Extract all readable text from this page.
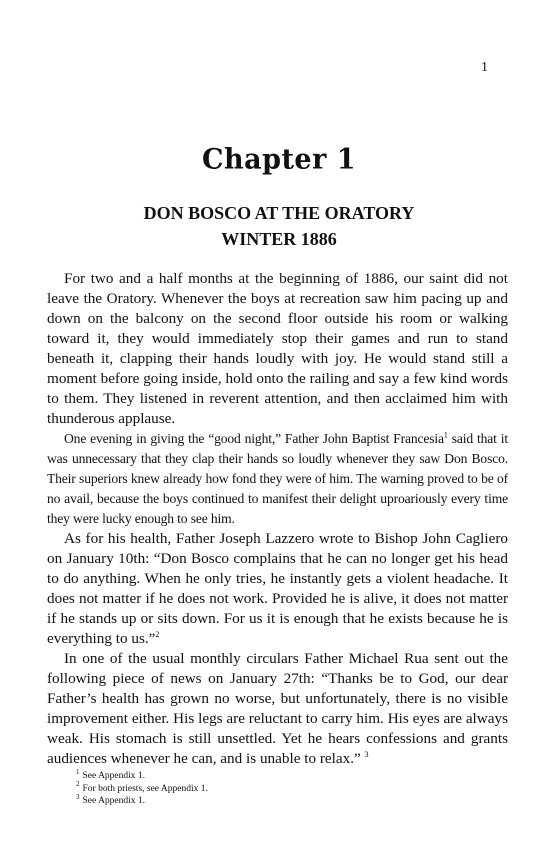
1
Chapter 1
DON BOSCO AT THE ORATORY
WINTER 1886

For two and a half months at the beginning of 1886, our saint did not leave the Oratory. Whenever the boys at recreation saw him pacing up and down on the balcony on the second floor outside his room or walking toward it, they would immediately stop their games and run to stand beneath it, clapping their hands loudly with joy. He would stand still a moment before going inside, hold onto the railing and say a few kind words to them. They listened in reverent attention, and then acclaimed him with thunderous applause.

One evening in giving the “good night,” Father John Baptist Francesia$^1$ said that it was unnecessary that they clap their hands so loudly whenever they saw Don Bosco. Their superiors knew already how fond they were of him. The warning proved to be of no avail, because the boys continued to manifest their delight uproariously every time they were lucky enough to see him.

As for his health, Father Joseph Lazzero wrote to Bishop John Cagliero on January 10th: “Don Bosco complains that he can no longer get his head to do anything. When he only tries, he instantly gets a violent headache. It does not matter if he does not work. Provided he is alive, it does not matter if he stands up or sits down. For us it is enough that he exists because he is everything to us.”$^2$

In one of the usual monthly circulars Father Michael Rua sent out the following piece of news on January 27th: “Thanks be to God, our dear Father’s health has grown no worse, but unfortunately, there is no visible improvement either. His legs are reluctant to carry him. His eyes are always weak. His stomach is still unsettled. Yet he hears confessions and grants audiences whenever he can, and is unable to relax.” $^3$

$^1$ See Appendix 1.
$^2$ For both priests, see Appendix 1.
$^3$ See Appendix 1.
